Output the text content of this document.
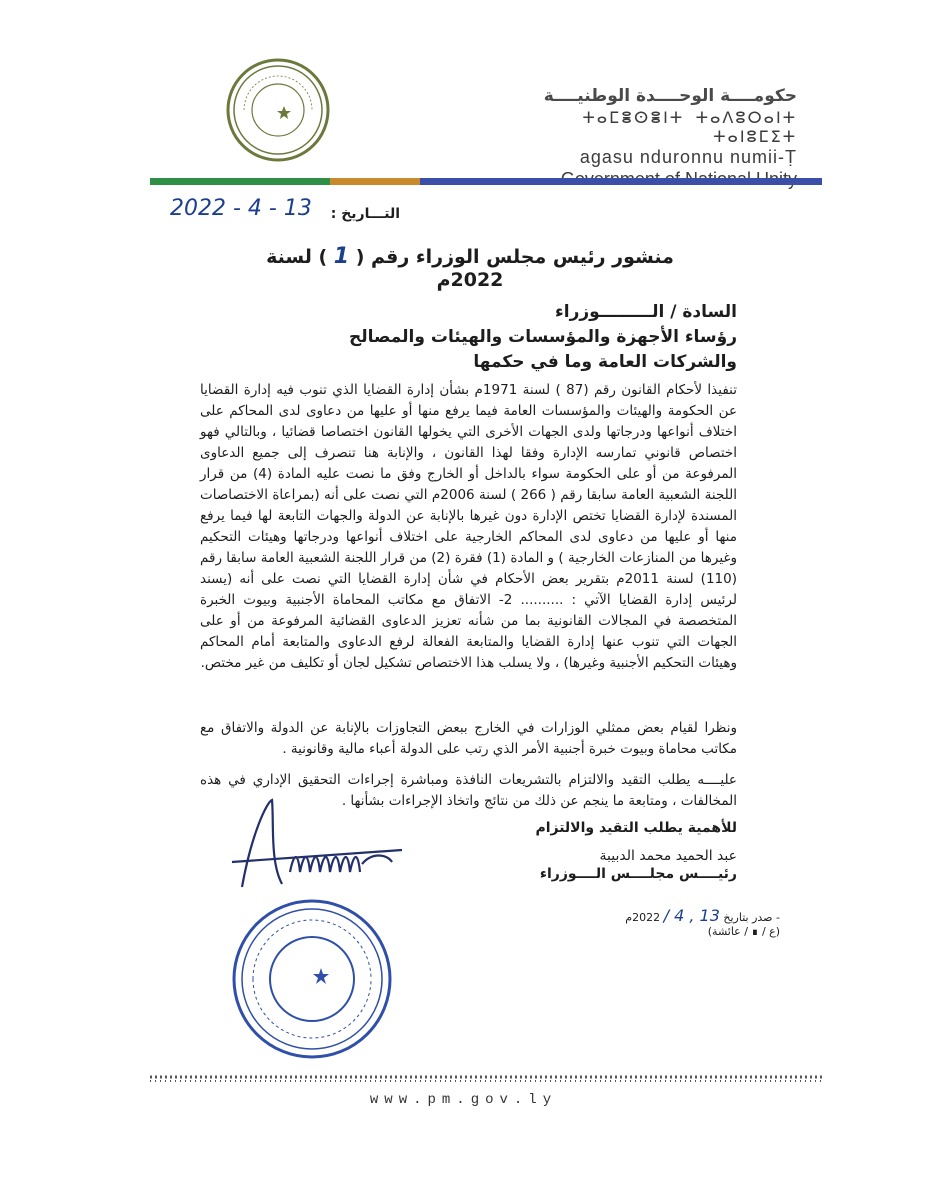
حكومــــة الوحــــدة الوطنيــــة
ⵜⴰⵎⴻⵙⴻⵏⵜ ⵜⴰⴷⵓⵔⴰⵏⵜ ⵜⴰⵏⵓⵎⵉⵜ
agasu nduronnu numii-Ṭ
2022 - 4 - 13 التـــاريخ :
منشور رئيس مجلس الوزراء رقم ( 1 ) لسنة 2022م
السادة / الـــــــــوزراء
رؤساء الأجهزة والمؤسسات والهيئات والمصالح
والشركات العامة وما في حكمها
تنفيذا لأحكام القانون رقم (87 ) لسنة 1971م بشأن إدارة القضايا الذي تنوب فيه إدارة القضايا عن الحكومة والهيئات والمؤسسات العامة فيما يرفع منها أو عليها من دعاوى لدى المحاكم على اختلاف أنواعها ودرجاتها ولدى الجهات الأخرى التي يخولها القانون اختصاصا قضائيا ، وبالتالي فهو اختصاص قانوني تمارسه الإدارة وفقا لهذا القانون ، والإنابة هنا تنصرف إلى جميع الدعاوى المرفوعة من أو على الحكومة سواء بالداخل أو الخارج وفق ما نصت عليه المادة (4) من قرار اللجنة الشعبية العامة سابقا رقم ( 266 ) لسنة 2006م التي نصت على أنه (بمراعاة الاختصاصات المسندة لإدارة القضايا تختص الإدارة دون غيرها بالإنابة عن الدولة والجهات التابعة لها فيما يرفع منها أو عليها من دعاوى لدى المحاكم الخارجية على اختلاف أنواعها ودرجاتها وهيئات التحكيم وغيرها من المنازعات الخارجية ) و المادة (1) فقرة (2) من قرار اللجنة الشعبية العامة سابقا رقم (110) لسنة 2011م بتقرير بعض الأحكام في شأن إدارة القضايا التي نصت على أنه (يسند لرئيس إدارة القضايا الآتي : .......... 2- الاتفاق مع مكاتب المحاماة الأجنبية وبيوت الخبرة المتخصصة في المجالات القانونية بما من شأنه تعزيز الدعاوى القضائية المرفوعة من أو على الجهات التي تنوب عنها إدارة القضايا والمتابعة الفعالة لرفع الدعاوى والمتابعة أمام المحاكم وهيئات التحكيم الأجنبية وغيرها) ، ولا يسلب هذا الاختصاص تشكيل لجان أو تكليف من غير مختص.
ونظرا لقيام بعض ممثلي الوزارات في الخارج ببعض التجاوزات بالإنابة عن الدولة والاتفاق مع مكاتب محاماة وبيوت خبرة أجنبية الأمر الذي رتب على الدولة أعباء مالية وقانونية .
عليــــه يطلب التقيد والالتزام بالتشريعات النافذة ومباشرة إجراءات التحقيق الإداري في هذه المخالفات ، ومتابعة ما ينجم عن ذلك من نتائج واتخاذ الإجراءات بشأنها .
للأهمية يطلب التقيد والالتزام
عبد الحميد محمد الدبيبة
رئيــــس مجلــــس الــــوزراء
- صدر بتاريخ 13 , 4 / 2022م
(ع / ∎ / عائشة)
www.pm.gov.ly
